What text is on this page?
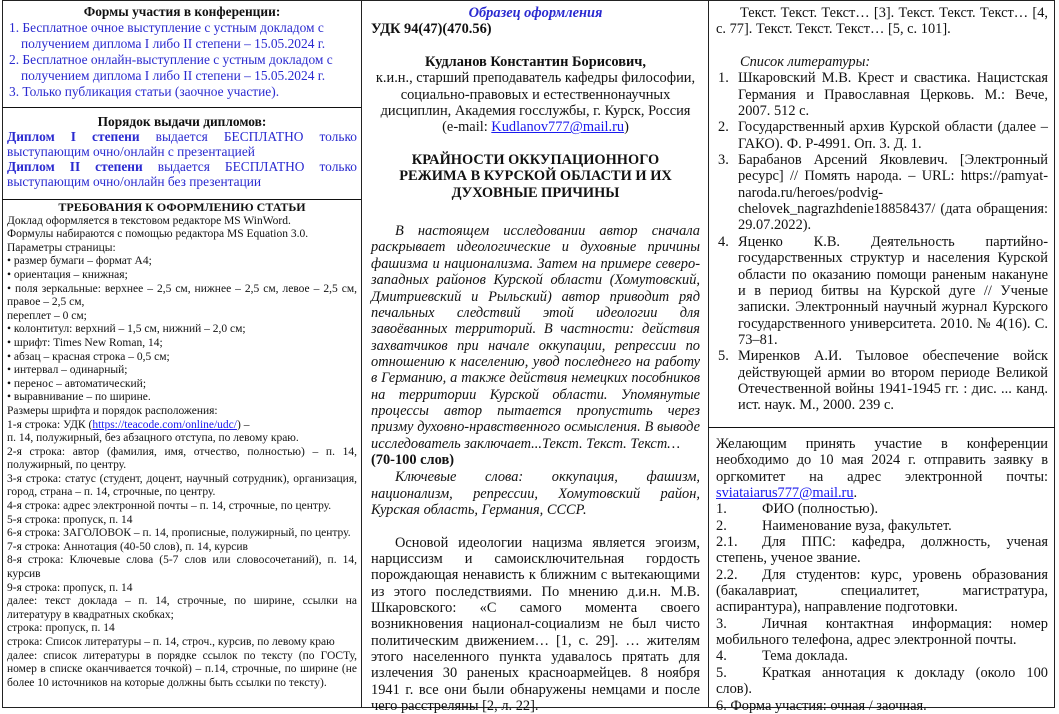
Формы участия в конференции:
1. Бесплатное очное выступление с устным докладом с получением диплома I либо II степени – 15.05.2024 г.
2. Бесплатное онлайн-выступление с устным докладом с получением диплома I либо II степени – 15.05.2024 г.
3. Только публикация статьи (заочное участие).
Порядок выдачи дипломов:
Диплом I степени выдается БЕСПЛАТНО только выступающим очно/онлайн с презентацией
Диплом II степени выдается БЕСПЛАТНО только выступающим очно/онлайн без презентации
ТРЕБОВАНИЯ К ОФОРМЛЕНИЮ СТАТЬИ
Доклад оформляется в текстовом редакторе MS WinWord.
Формулы набираются с помощью редактора MS Equation 3.0.
Параметры страницы:
• размер бумаги – формат А4;
• ориентация – книжная;
• поля зеркальные: верхнее – 2,5 см, нижнее – 2,5 см, левое – 2,5 см, правое – 2,5 см,
переплет – 0 см;
• колонтитул: верхний – 1,5 см, нижний – 2,0 см;
• шрифт: Times New Roman, 14;
• абзац – красная строка – 0,5 см;
• интервал – одинарный;
• перенос – автоматический;
• выравнивание – по ширине.
Размеры шрифта и порядок расположения:
1-я строка: УДК (https://teacode.com/online/udc/) –
п. 14, полужирный, без абзацного отступа, по левому краю.
2-я строка: автор (фамилия, имя, отчество, полностью) – п. 14, полужирный, по центру.
3-я строка: статус (студент, доцент, научный сотрудник), организация, город, страна – п. 14, строчные, по центру.
4-я строка: адрес электронной почты – п. 14, строчные, по центру.
5-я строка: пропуск, п. 14
6-я строка: ЗАГОЛОВОК – п. 14, прописные, полужирный, по центру.
7-я строка: Аннотация (40-50 слов), п. 14, курсив
8-я строка: Ключевые слова (5-7 слов или словосочетаний), п. 14, курсив
9-я строка: пропуск, п. 14
далее: текст доклада – п. 14, строчные, по ширине, ссылки на литературу в квадратных скобках;
строка: пропуск, п. 14
строка: Список литературы – п. 14, строч., курсив, по левому краю
далее: список литературы в порядке ссылок по тексту (по ГОСТу, номер в списке оканчивается точкой) – п.14, строчные, по ширине (не более 10 источников на которые должны быть ссылки по тексту).
Образец оформления
УДК 94(47)(470.56)
Кудланов Константин Борисович,
к.и.н., старший преподаватель кафедры философии, социально-правовых и естественнонаучных дисциплин, Академия госслужбы, г. Курск, Россия
(e-mail: Kudlanov777@mail.ru)
КРАЙНОСТИ ОККУПАЦИОННОГО РЕЖИМА В КУРСКОЙ ОБЛАСТИ И ИХ ДУХОВНЫЕ ПРИЧИНЫ
В настоящем исследовании автор сначала раскрывает идеологические и духовные причины фашизма и национализма. Затем на примере северо-западных районов Курской области (Хомутовский, Дмитриевский и Рыльский) автор приводит ряд печальных следствий этой идеологии для завоёванных территорий. В частности: действия захватчиков при начале оккупации, репрессии по отношению к населению, увод последнего на работу в Германию, а также действия немецких пособников на территории Курской области. Упомянутые процессы автор пытается пропустить через призму духовно-нравственного осмысления. В выводе исследователь заключает...Текст. Текст. Текст…
(70-100 слов)
Ключевые слова: оккупация, фашизм, национализм, репрессии, Хомутовский район, Курская область, Германия, СССР.
Основой идеологии нацизма является эгоизм, нарциссизм и самоисключительная гордость порождающая ненависть к ближним с вытекающими из этого последствиями. По мнению д.и.н. М.В. Шкаровского: «С самого момента своего возникновения национал-социализм не был чисто политическим движением… [1, с. 29]. … жителям этого населенного пункта удавалось прятать для излечения 30 раненых красноармейцев. 8 ноября 1941 г. все они были обнаружены немцами и после чего расстреляны [2, л. 22].
Текст. Текст. Текст… [3]. Текст. Текст. Текст… [4, с. 77]. Текст. Текст. Текст… [5, с. 101].
Список литературы:
1. Шкаровский М.В. Крест и свастика. Нацистская Германия и Православная Церковь. М.: Вече, 2007. 512 с.
2. Государственный архив Курской области (далее – ГАКО). Ф. Р-4991. Оп. 3. Д. 1.
3. Барабанов Арсений Яковлевич. [Электронный ресурс] // Помять народа. – URL: https://pamyat-naroda.ru/heroes/podvig-chelovek_nagrazhdenie18858437/ (дата обращения: 29.07.2022).
4. Яценко К.В. Деятельность партийно-государственных структур и населения Курской области по оказанию помощи раненым накануне и в период битвы на Курской дуге // Ученые записки. Электронный научный журнал Курского государственного университета. 2010. № 4(16). С. 73–81.
5. Миренков А.И. Тыловое обеспечение войск действующей армии во втором периоде Великой Отечественной войны 1941-1945 гг. : дис. ... канд. ист. наук. М., 2000. 239 с.
Желающим принять участие в конференции необходимо до 10 мая 2024 г. отправить заявку в оргкомитет на адрес электронной почты: sviataiarus777@mail.ru.
1. ФИО (полностью).
2. Наименование вуза, факультет.
2.1. Для ППС: кафедра, должность, ученая степень, ученое звание.
2.2. Для студентов: курс, уровень образования (бакалавриат, специалитет, магистратура, аспирантура), направление подготовки.
3. Личная контактная информация: номер мобильного телефона, адрес электронной почты.
4. Тема доклада.
5. Краткая аннотация к докладу (около 100 слов).
6. Форма участия: очная / заочная.
